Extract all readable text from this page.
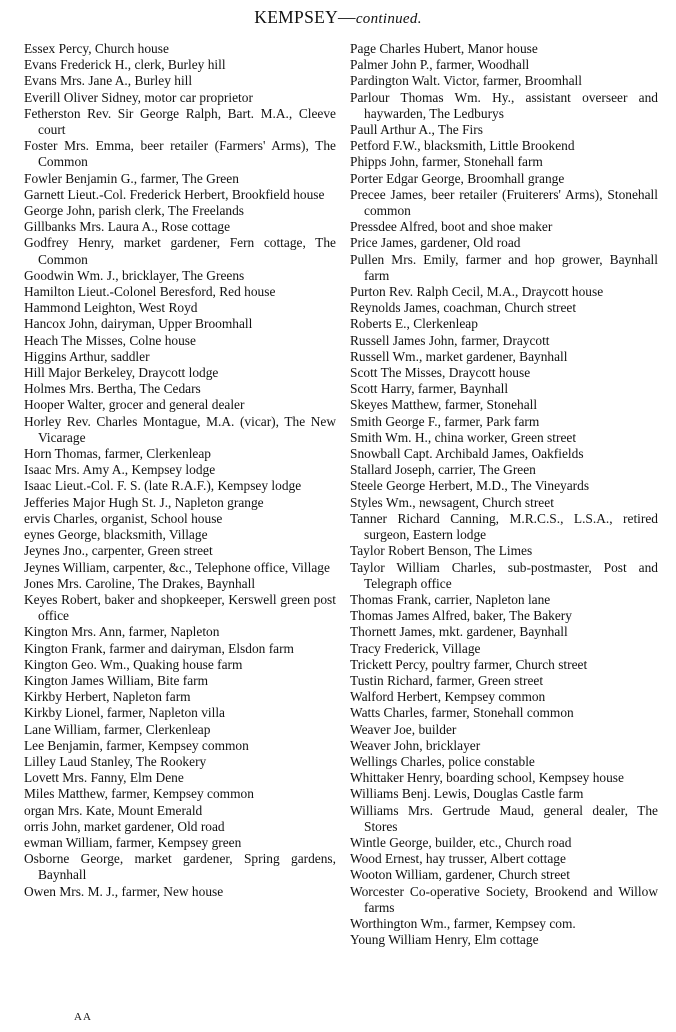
KEMPSEY—continued.
Essex Percy, Church house
Evans Frederick H., clerk, Burley hill
Evans Mrs. Jane A., Burley hill
Everill Oliver Sidney, motor car proprietor
Fetherston Rev. Sir George Ralph, Bart. M.A., Cleeve court
Foster Mrs. Emma, beer retailer (Farmers' Arms), The Common
Fowler Benjamin G., farmer, The Green
Garnett Lieut.-Col. Frederick Herbert, Brookfield house
George John, parish clerk, The Freelands
Gillbanks Mrs. Laura A., Rose cottage
Godfrey Henry, market gardener, Fern cottage, The Common
Goodwin Wm. J., bricklayer, The Greens
Hamilton Lieut.-Colonel Beresford, Red house
Hammond Leighton, West Royd
Hancox John, dairyman, Upper Broomhall
Heach The Misses, Colne house
Higgins Arthur, saddler
Hill Major Berkeley, Draycott lodge
Holmes Mrs. Bertha, The Cedars
Hooper Walter, grocer and general dealer
Horley Rev. Charles Montague, M.A. (vicar), The New Vicarage
Horn Thomas, farmer, Clerkenleap
Isaac Mrs. Amy A., Kempsey lodge
Isaac Lieut.-Col. F. S. (late R.A.F.), Kempsey lodge
Jefferies Major Hugh St. J., Napleton grange
ervis Charles, organist, School house
eynes George, blacksmith, Village
Jeynes Jno., carpenter, Green street
Jeynes William, carpenter, &c., Telephone office, Village
Jones Mrs. Caroline, The Drakes, Baynhall
Keyes Robert, baker and shopkeeper, Kerswell green post office
Kington Mrs. Ann, farmer, Napleton
Kington Frank, farmer and dairyman, Elsdon farm
Kington Geo. Wm., Quaking house farm
Kington James William, Bite farm
Kirkby Herbert, Napleton farm
Kirkby Lionel, farmer, Napleton villa
Lane William, farmer, Clerkenleap
Lee Benjamin, farmer, Kempsey common
Lilley Laud Stanley, The Rookery
Lovett Mrs. Fanny, Elm Dene
Miles Matthew, farmer, Kempsey common
organ Mrs. Kate, Mount Emerald
orris John, market gardener, Old road
ewman William, farmer, Kempsey green
Osborne George, market gardener, Spring gardens, Baynhall
Owen Mrs. M. J., farmer, New house
Page Charles Hubert, Manor house
Palmer John P., farmer, Woodhall
Pardington Walt. Victor, farmer, Broomhall
Parlour Thomas Wm. Hy., assistant overseer and haywarden, The Ledburys
Paull Arthur A., The Firs
Petford F.W., blacksmith, Little Brookend
Phipps John, farmer, Stonehall farm
Porter Edgar George, Broomhall grange
Precee James, beer retailer (Fruiterers' Arms), Stonehall common
Pressdee Alfred, boot and shoe maker
Price James, gardener, Old road
Pullen Mrs. Emily, farmer and hop grower, Baynhall farm
Purton Rev. Ralph Cecil, M.A., Draycott house
Reynolds James, coachman, Church street
Roberts E., Clerkenleap
Russell James John, farmer, Draycott
Russell Wm., market gardener, Baynhall
Scott The Misses, Draycott house
Scott Harry, farmer, Baynhall
Skeyes Matthew, farmer, Stonehall
Smith George F., farmer, Park farm
Smith Wm. H., china worker, Green street
Snowball Capt. Archibald James, Oakfields
Stallard Joseph, carrier, The Green
Steele George Herbert, M.D., The Vineyards
Styles Wm., newsagent, Church street
Tanner Richard Canning, M.R.C.S., L.S.A., retired surgeon, Eastern lodge
Taylor Robert Benson, The Limes
Taylor William Charles, sub-postmaster, Post and Telegraph office
Thomas Frank, carrier, Napleton lane
Thomas James Alfred, baker, The Bakery
Thornett James, mkt. gardener, Baynhall
Tracy Frederick, Village
Trickett Percy, poultry farmer, Church street
Tustin Richard, farmer, Green street
Walford Herbert, Kempsey common
Watts Charles, farmer, Stonehall common
Weaver Joe, builder
Weaver John, bricklayer
Wellings Charles, police constable
Whittaker Henry, boarding school, Kempsey house
Williams Benj. Lewis, Douglas Castle farm
Williams Mrs. Gertrude Maud, general dealer, The Stores
Wintle George, builder, etc., Church road
Wood Ernest, hay trusser, Albert cottage
Wooton William, gardener, Church street
Worcester Co-operative Society, Brookend and Willow farms
Worthington Wm., farmer, Kempsey com.
Young William Henry, Elm cottage
AA
